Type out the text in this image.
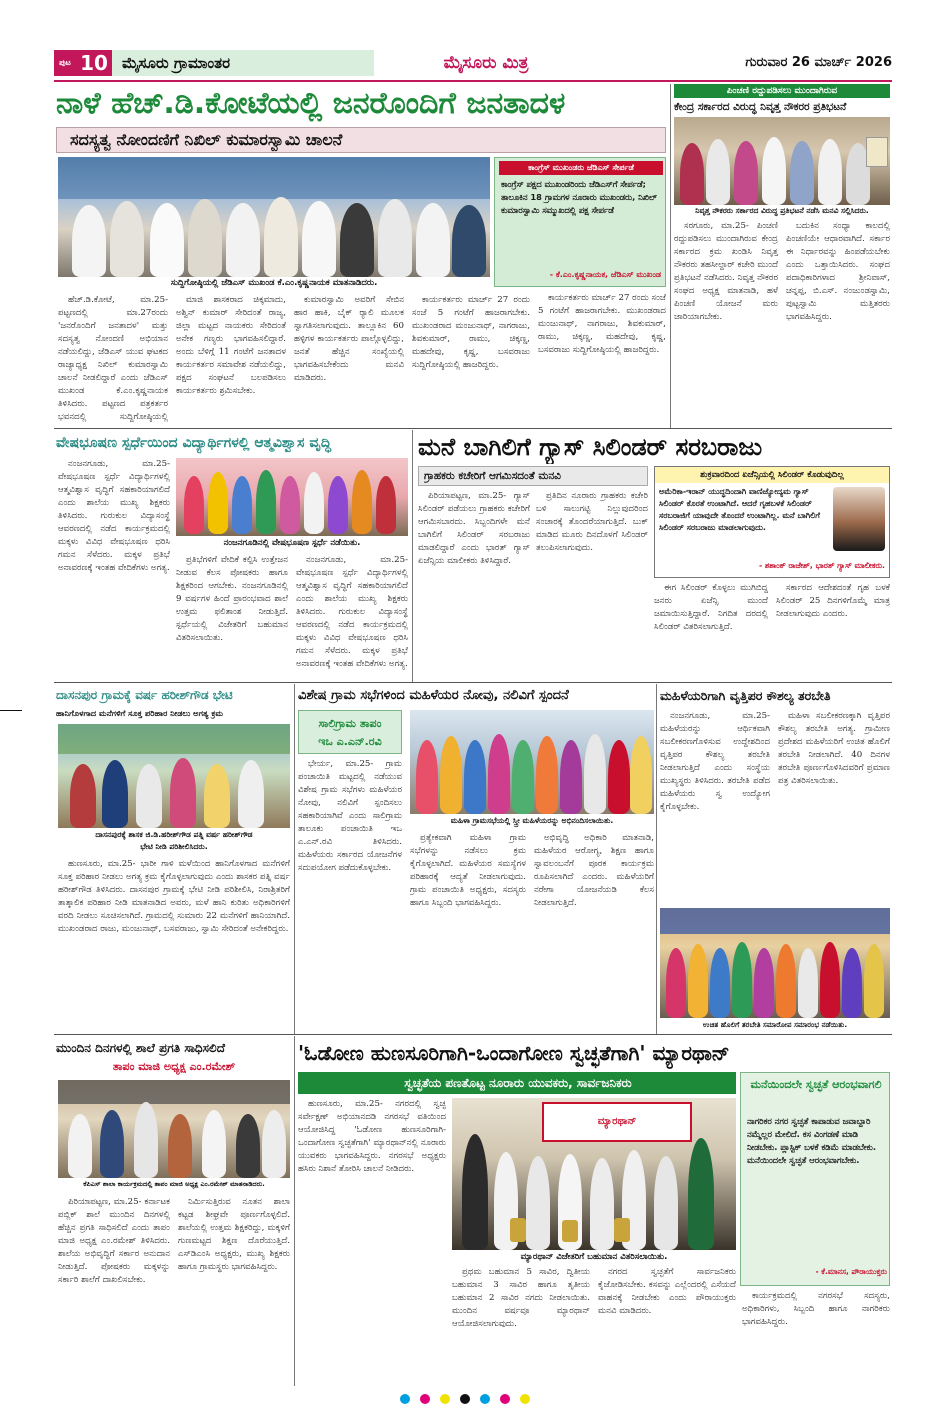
ಪುಟ 10 ಮೈಸೂರು ಗ್ರಾಮಾಂತರ	ಮೈಸೂರು ಮಿತ್ರ	ಗುರುವಾರ 26 ಮಾರ್ಚ್ 2026
ನಾಳೆ ಹೆಚ್.ಡಿ.ಕೋಟೆಯಲ್ಲಿ ಜನರೊಂದಿಗೆ ಜನತಾದಳ
ಸದಸ್ಯತ್ವ ನೋಂದಣಿಗೆ ನಿಖಿಲ್ ಕುಮಾರಸ್ವಾಮಿ ಚಾಲನೆ
ಸುದ್ದಿಗೋಷ್ಠಿಯಲ್ಲಿ ಜೆಡಿಎಸ್ ಮುಖಂಡ ಕೆ.ಎಂ.ಕೃಷ್ಣನಾಯಕ ಮಾತನಾಡಿದರು.
ಕಾಂಗ್ರೆಸ್ ಮುಖಂಡರು ಜೆಡಿಎಸ್ ಸೇರ್ಪಡೆ
ಕಾಂಗ್ರೆಸ್ ಪಕ್ಷದ ಮುಖಂಡರಿಂದು ಜೆಡಿಎಸ್‌ಗೆ ಸೇರ್ಪಡೆ; ತಾಲೂಕಿನ 18 ಗ್ರಾಮಗಳ ನೂರಾರು ಮುಖಂಡರು, ನಿಖಿಲ್ ಕುಮಾರಸ್ವಾಮಿ ಸಮ್ಮುಖದಲ್ಲಿ ಪಕ್ಷ ಸೇರ್ಪಡೆ
- ಕೆ.ಎಂ.ಕೃಷ್ಣನಾಯಕ, ಜೆಡಿಎಸ್ ಮುಖಂಡ

ಹೆಚ್.ಡಿ.ಕೋಟೆ, ಮಾ.25- ಪಟ್ಟಣದಲ್ಲಿ ಮಾ.27ರಂದು 'ಜನರೊಂದಿಗೆ ಜನತಾದಳ' ಮತ್ತು ಸದಸ್ಯತ್ವ ನೋಂದಣಿ ಅಭಿಯಾನ ನಡೆಯಲಿದ್ದು, ಜೆಡಿಎಸ್ ಯುವ ಘಟಕದ ರಾಜ್ಯಾಧ್ಯಕ್ಷ ನಿಖಿಲ್ ಕುಮಾರಸ್ವಾಮಿ ಚಾಲನೆ ನೀಡಲಿದ್ದಾರೆ ಎಂದು ಜೆಡಿಎಸ್ ಮುಖಂಡ ಕೆ.ಎಂ.ಕೃಷ್ಣನಾಯಕ ತಿಳಿಸಿದರು. ಪಟ್ಟಣದ ಪತ್ರಕರ್ತರ ಭವನದಲ್ಲಿ ಸುದ್ದಿಗೋಷ್ಠಿಯಲ್ಲಿ

ಮಾಜಿ ಶಾಸಕರಾದ ಚಿಕ್ಕಮಾದು, ಅಶ್ವಿನ್ ಕುಮಾರ್ ಸೇರಿದಂತೆ ರಾಜ್ಯ, ಜಿಲ್ಲಾ ಮಟ್ಟದ ನಾಯಕರು ಸೇರಿದಂತೆ ಅನೇಕ ಗಣ್ಯರು ಭಾಗವಹಿಸಲಿದ್ದಾರೆ. ಅಂದು ಬೆಳಿಗ್ಗೆ 11 ಗಂಟೆಗೆ ಜನತಾದಳ ಕಾರ್ಯಕರ್ತರ ಸಮಾವೇಶ ನಡೆಯಲಿದ್ದು, ಪಕ್ಷದ ಸಂಘಟನೆ ಬಲಪಡಿಸಲು ಕಾರ್ಯಕರ್ತರು ಶ್ರಮಿಸಬೇಕು.

ಕುಮಾರಸ್ವಾಮಿ ಅವರಿಗೆ ಸೇಬಿನ ಹಾರ ಹಾಕಿ, ಬೈಕ್ ರ್‍ಯಾಲಿ ಮೂಲಕ ಸ್ವಾಗತಿಸಲಾಗುವುದು. ತಾಲ್ಲೂಕಿನ 60 ಹಳ್ಳಿಗಳ ಕಾರ್ಯಕರ್ತರು ಪಾಲ್ಗೊಳ್ಳಲಿದ್ದು, ಜನತೆ ಹೆಚ್ಚಿನ ಸಂಖ್ಯೆಯಲ್ಲಿ ಭಾಗವಹಿಸಬೇಕೆಂದು ಮನವಿ ಮಾಡಿದರು.

ಕಾರ್ಯಕರ್ತರು ಮಾರ್ಚ್ 27 ರಂದು ಸಂಜೆ 5 ಗಂಟೆಗೆ ಹಾಜರಾಗಬೇಕು. ಮುಖಂಡರಾದ ಮಂಜುನಾಥ್, ನಾಗರಾಜು, ಶಿವಕುಮಾರ್, ರಾಮು, ಚಿಕ್ಕಣ್ಣ, ಮಹದೇವು, ಕೃಷ್ಣ, ಬಸವರಾಜು ಸುದ್ದಿಗೋಷ್ಠಿಯಲ್ಲಿ ಹಾಜರಿದ್ದರು.

ಕಾರ್ಯಕರ್ತರು ಮಾರ್ಚ್ 27 ರಂದು ಸಂಜೆ 5 ಗಂಟೆಗೆ ಹಾಜರಾಗಬೇಕು. ಮುಖಂಡರಾದ ಮಂಜುನಾಥ್, ನಾಗರಾಜು, ಶಿವಕುಮಾರ್, ರಾಮು, ಚಿಕ್ಕಣ್ಣ, ಮಹದೇವು, ಕೃಷ್ಣ, ಬಸವರಾಜು ಸುದ್ದಿಗೋಷ್ಠಿಯಲ್ಲಿ ಹಾಜರಿದ್ದರು.

ಪಿಂಚಣಿ ರದ್ದುಪಡಿಸಲು ಮುಂದಾಗಿರುವ
ಕೇಂದ್ರ ಸರ್ಕಾರದ ವಿರುದ್ಧ ನಿವೃತ್ತ ನೌಕರರ ಪ್ರತಿಭಟನೆ
ನಿವೃತ್ತ ನೌಕರರು ಸರ್ಕಾರದ ವಿರುದ್ಧ ಪ್ರತಿಭಟನೆ ನಡೆಸಿ ಮನವಿ ಸಲ್ಲಿಸಿದರು.

ಸರಗೂರು, ಮಾ.25- ಪಿಂಚಣಿ ರದ್ದುಪಡಿಸಲು ಮುಂದಾಗಿರುವ ಕೇಂದ್ರ ಸರ್ಕಾರದ ಕ್ರಮ ಖಂಡಿಸಿ ನಿವೃತ್ತ ನೌಕರರು ತಹಸೀಲ್ದಾರ್ ಕಚೇರಿ ಮುಂದೆ ಪ್ರತಿಭಟನೆ ನಡೆಸಿದರು. ನಿವೃತ್ತ ನೌಕರರ ಸಂಘದ ಅಧ್ಯಕ್ಷ ಮಾತನಾಡಿ, ಹಳೆ ಪಿಂಚಣಿ ಯೋಜನೆ ಮರು ಜಾರಿಯಾಗಬೇಕು.

ಬದುಕಿನ ಸಂಧ್ಯಾ ಕಾಲದಲ್ಲಿ ಪಿಂಚಣಿಯೇ ಆಧಾರವಾಗಿದೆ. ಸರ್ಕಾರ ಈ ನಿರ್ಧಾರವನ್ನು ಹಿಂಪಡೆಯಬೇಕು ಎಂದು ಒತ್ತಾಯಿಸಿದರು. ಸಂಘದ ಪದಾಧಿಕಾರಿಗಳಾದ ಶ್ರೀನಿವಾಸ್, ಚನ್ನಪ್ಪ, ಬಿ.ಎಸ್. ನಂಜುಂಡಸ್ವಾಮಿ, ಪುಟ್ಟಸ್ವಾಮಿ ಮತ್ತಿತರರು ಭಾಗವಹಿಸಿದ್ದರು.

ವೇಷಭೂಷಣ ಸ್ಪರ್ಧೆಯಿಂದ ವಿದ್ಯಾರ್ಥಿಗಳಲ್ಲಿ ಆತ್ಮವಿಶ್ವಾಸ ವೃದ್ಧಿ

ನಂಜನಗೂಡು, ಮಾ.25- ವೇಷಭೂಷಣ ಸ್ಪರ್ಧೆ ವಿದ್ಯಾರ್ಥಿಗಳಲ್ಲಿ ಆತ್ಮವಿಶ್ವಾಸ ವೃದ್ಧಿಗೆ ಸಹಕಾರಿಯಾಗಲಿದೆ ಎಂದು ಶಾಲೆಯ ಮುಖ್ಯ ಶಿಕ್ಷಕರು ತಿಳಿಸಿದರು. ಗುರುಕುಲ ವಿದ್ಯಾಸಂಸ್ಥೆ ಆವರಣದಲ್ಲಿ ನಡೆದ ಕಾರ್ಯಕ್ರಮದಲ್ಲಿ ಮಕ್ಕಳು ವಿವಿಧ ವೇಷಭೂಷಣ ಧರಿಸಿ ಗಮನ ಸೆಳೆದರು. ಮಕ್ಕಳ ಪ್ರತಿಭೆ ಅನಾವರಣಕ್ಕೆ ಇಂತಹ ವೇದಿಕೆಗಳು ಅಗತ್ಯ.

ನಂಜನಗೂಡಿನಲ್ಲಿ ವೇಷಭೂಷಣ ಸ್ಪರ್ಧೆ ನಡೆಯಿತು.

ಪ್ರತಿಭೆಗಳಿಗೆ ವೇದಿಕೆ ಕಲ್ಪಿಸಿ ಉತ್ತೇಜನ ನೀಡುವ ಕೆಲಸ ಪೋಷಕರು ಹಾಗೂ ಶಿಕ್ಷಕರಿಂದ ಆಗಬೇಕು. ನಂಜನಗೂಡಿನಲ್ಲಿ 9 ವರ್ಷಗಳ ಹಿಂದೆ ಪ್ರಾರಂಭವಾದ ಶಾಲೆ ಉತ್ತಮ ಫಲಿತಾಂಶ ನೀಡುತ್ತಿದೆ. ಸ್ಪರ್ಧೆಯಲ್ಲಿ ವಿಜೇತರಿಗೆ ಬಹುಮಾನ ವಿತರಿಸಲಾಯಿತು.

ನಂಜನಗೂಡು, ಮಾ.25- ವೇಷಭೂಷಣ ಸ್ಪರ್ಧೆ ವಿದ್ಯಾರ್ಥಿಗಳಲ್ಲಿ ಆತ್ಮವಿಶ್ವಾಸ ವೃದ್ಧಿಗೆ ಸಹಕಾರಿಯಾಗಲಿದೆ ಎಂದು ಶಾಲೆಯ ಮುಖ್ಯ ಶಿಕ್ಷಕರು ತಿಳಿಸಿದರು. ಗುರುಕುಲ ವಿದ್ಯಾಸಂಸ್ಥೆ ಆವರಣದಲ್ಲಿ ನಡೆದ ಕಾರ್ಯಕ್ರಮದಲ್ಲಿ ಮಕ್ಕಳು ವಿವಿಧ ವೇಷಭೂಷಣ ಧರಿಸಿ ಗಮನ ಸೆಳೆದರು. ಮಕ್ಕಳ ಪ್ರತಿಭೆ ಅನಾವರಣಕ್ಕೆ ಇಂತಹ ವೇದಿಕೆಗಳು ಅಗತ್ಯ.

ಮನೆ ಬಾಗಿಲಿಗೆ ಗ್ಯಾಸ್ ಸಿಲಿಂಡರ್ ಸರಬರಾಜು
ಗ್ರಾಹಕರು ಕಚೇರಿಗೆ ಆಗಮಿಸದಂತೆ ಮನವಿ

ಪಿರಿಯಾಪಟ್ಟಣ, ಮಾ.25- ಗ್ಯಾಸ್ ಸಿಲಿಂಡರ್ ಪಡೆಯಲು ಗ್ರಾಹಕರು ಕಚೇರಿಗೆ ಆಗಮಿಸಬಾರದು. ಸಿಬ್ಬಂದಿಗಳೇ ಮನೆ ಬಾಗಿಲಿಗೆ ಸಿಲಿಂಡರ್ ಸರಬರಾಜು ಮಾಡಲಿದ್ದಾರೆ ಎಂದು ಭಾರತ್ ಗ್ಯಾಸ್ ಏಜೆನ್ಸಿಯ ಮಾಲೀಕರು ತಿಳಿಸಿದ್ದಾರೆ.

ಪ್ರತಿದಿನ ನೂರಾರು ಗ್ರಾಹಕರು ಕಚೇರಿ ಬಳಿ ಸಾಲುಗಟ್ಟಿ ನಿಲ್ಲುವುದರಿಂದ ಸಂಚಾರಕ್ಕೆ ತೊಂದರೆಯಾಗುತ್ತಿದೆ. ಬುಕ್ ಮಾಡಿದ ಮೂರು ದಿನದೊಳಗೆ ಸಿಲಿಂಡರ್ ತಲುಪಿಸಲಾಗುವುದು.

ಶುಕ್ರವಾರದಿಂದ ಏಜೆನ್ಸಿಯಲ್ಲಿ ಸಿಲಿಂಡರ್ ಕೊಡುವುದಿಲ್ಲ
ಅಮೆರಿಕಾ-ಇರಾನ್ ಯುದ್ಧದಿಂದಾಗಿ ವಾಣಿಜ್ಯೋದ್ಯಮ ಗ್ಯಾಸ್ ಸಿಲಿಂಡರ್ ಕೊರತೆ ಉಂಟಾಗಿದೆ. ಆದರೆ ಗೃಹಬಳಕೆ ಸಿಲಿಂಡರ್ ಸರಬರಾಜಿಗೆ ಯಾವುದೇ ತೊಂದರೆ ಉಂಟಾಗಿಲ್ಲ. ಮನೆ ಬಾಗಿಲಿಗೆ ಸಿಲಿಂಡರ್ ಸರಬರಾಜು ಮಾಡಲಾಗುವುದು.
- ಶಶಾಂಕ್ ರಾಜೇಶ್, ಭಾರತ್ ಗ್ಯಾಸ್ ಮಾಲೀಕರು.

ಈಗ ಸಿಲಿಂಡರ್ ಕೊಳ್ಳಲು ಮುಗಿಬಿದ್ದ ಜನರು ಏಜೆನ್ಸಿ ಮುಂದೆ ಜಮಾಯಿಸುತ್ತಿದ್ದಾರೆ. ನಿಗದಿತ ದರದಲ್ಲಿ ಸಿಲಿಂಡರ್ ವಿತರಿಸಲಾಗುತ್ತಿದೆ.

ಸರ್ಕಾರದ ಆದೇಶದಂತೆ ಗೃಹ ಬಳಕೆ ಸಿಲಿಂಡರ್ 25 ದಿನಗಳಿಗೊಮ್ಮೆ ಮಾತ್ರ ನೀಡಲಾಗುವುದು ಎಂದರು.

ದಾಸನಪುರ ಗ್ರಾಮಕ್ಕೆ ವರ್ಷ ಹರೀಶ್‌ಗೌಡ ಭೇಟಿ
ಹಾನಿಗೊಳಗಾದ ಮನೆಗಳಿಗೆ ಸೂಕ್ತ ಪರಿಹಾರ ನೀಡಲು ಅಗತ್ಯ ಕ್ರಮ
ದಾಸನಪುರಕ್ಕೆ ಶಾಸಕ ಜಿ.ಡಿ.ಹರೀಶ್‌ಗೌಡ ಪತ್ನಿ ವರ್ಷ ಹರೀಶ್‌ಗೌಡ
ಭೇಟಿ ನೀಡಿ ಪರಿಶೀಲಿಸಿದರು.

ಹುಣಸೂರು, ಮಾ.25- ಭಾರೀ ಗಾಳಿ ಮಳೆಯಿಂದ ಹಾನಿಗೊಳಗಾದ ಮನೆಗಳಿಗೆ ಸೂಕ್ತ ಪರಿಹಾರ ನೀಡಲು ಅಗತ್ಯ ಕ್ರಮ ಕೈಗೊಳ್ಳಲಾಗುವುದು ಎಂದು ಶಾಸಕರ ಪತ್ನಿ ವರ್ಷ ಹರೀಶ್‌ಗೌಡ ತಿಳಿಸಿದರು. ದಾಸನಪುರ ಗ್ರಾಮಕ್ಕೆ ಭೇಟಿ ನೀಡಿ ಪರಿಶೀಲಿಸಿ, ನಿರಾಶ್ರಿತರಿಗೆ ತಾತ್ಕಾಲಿಕ ಪರಿಹಾರ ನೀಡಿ ಮಾತನಾಡಿದ ಅವರು, ಮಳೆ ಹಾನಿ ಕುರಿತು ಅಧಿಕಾರಿಗಳಿಗೆ ವರದಿ ನೀಡಲು ಸೂಚಿಸಲಾಗಿದೆ. ಗ್ರಾಮದಲ್ಲಿ ಸುಮಾರು 22 ಮನೆಗಳಿಗೆ ಹಾನಿಯಾಗಿದೆ. ಮುಖಂಡರಾದ ರಾಜು, ಮಂಜುನಾಥ್, ಬಸವರಾಜು, ಸ್ವಾಮಿ ಸೇರಿದಂತೆ ಅನೇಕರಿದ್ದರು.

ವಿಶೇಷ ಗ್ರಾಮ ಸಭೆಗಳಿಂದ ಮಹಿಳೆಯರ ನೋವು, ನಲಿವಿಗೆ ಸ್ಪಂದನೆ
ಸಾಲಿಗ್ರಾಮ ತಾಪಂ
ಇಒ ಎ.ಎನ್.ರವಿ

ಭೇರ್ಯ, ಮಾ.25- ಗ್ರಾಮ ಪಂಚಾಯಿತಿ ಮಟ್ಟದಲ್ಲಿ ನಡೆಯುವ ವಿಶೇಷ ಗ್ರಾಮ ಸಭೆಗಳು ಮಹಿಳೆಯರ ನೋವು, ನಲಿವಿಗೆ ಸ್ಪಂದಿಸಲು ಸಹಕಾರಿಯಾಗಿವೆ ಎಂದು ಸಾಲಿಗ್ರಾಮ ತಾಲೂಕು ಪಂಚಾಯಿತಿ ಇಒ ಎ.ಎನ್.ರವಿ ತಿಳಿಸಿದರು. ಮಹಿಳೆಯರು ಸರ್ಕಾರದ ಯೋಜನೆಗಳ ಸದುಪಯೋಗ ಪಡೆದುಕೊಳ್ಳಬೇಕು.

ಮಹಿಳಾ ಗ್ರಾಮಸಭೆಯಲ್ಲಿ ಸ್ತ್ರೀ ಮಹಿಳೆಯರನ್ನು ಅಭಿನಂದಿಸಲಾಯಿತು.

ಪ್ರತ್ಯೇಕವಾಗಿ ಮಹಿಳಾ ಗ್ರಾಮ ಸಭೆಗಳನ್ನು ನಡೆಸಲು ಕ್ರಮ ಕೈಗೊಳ್ಳಲಾಗಿದೆ. ಮಹಿಳೆಯರ ಸಮಸ್ಯೆಗಳ ಪರಿಹಾರಕ್ಕೆ ಆದ್ಯತೆ ನೀಡಲಾಗುವುದು. ಗ್ರಾಮ ಪಂಚಾಯಿತಿ ಅಧ್ಯಕ್ಷರು, ಸದಸ್ಯರು ಹಾಗೂ ಸಿಬ್ಬಂದಿ ಭಾಗವಹಿಸಿದ್ದರು.

ಅಭಿವೃದ್ಧಿ ಅಧಿಕಾರಿ ಮಾತನಾಡಿ, ಮಹಿಳೆಯರ ಆರೋಗ್ಯ, ಶಿಕ್ಷಣ ಹಾಗೂ ಸ್ವಾವಲಂಬನೆಗೆ ಪೂರಕ ಕಾರ್ಯಕ್ರಮ ರೂಪಿಸಲಾಗಿದೆ ಎಂದರು. ಮಹಿಳೆಯರಿಗೆ ನರೇಗಾ ಯೋಜನೆಯಡಿ ಕೆಲಸ ನೀಡಲಾಗುತ್ತಿದೆ.

ಮಹಿಳೆಯರಿಗಾಗಿ ವೃತ್ತಿಪರ ಕೌಶಲ್ಯ ತರಬೇತಿ

ನಂಜನಗೂಡು, ಮಾ.25- ಮಹಿಳೆಯರನ್ನು ಆರ್ಥಿಕವಾಗಿ ಸಬಲೀಕರಣಗೊಳಿಸುವ ಉದ್ದೇಶದಿಂದ ವೃತ್ತಿಪರ ಕೌಶಲ್ಯ ತರಬೇತಿ ನೀಡಲಾಗುತ್ತಿದೆ ಎಂದು ಸಂಸ್ಥೆಯ ಮುಖ್ಯಸ್ಥರು ತಿಳಿಸಿದರು. ತರಬೇತಿ ಪಡೆದ ಮಹಿಳೆಯರು ಸ್ವ ಉದ್ಯೋಗ ಕೈಗೊಳ್ಳಬೇಕು.

ಮಹಿಳಾ ಸಬಲೀಕರಣಕ್ಕಾಗಿ ವೃತ್ತಿಪರ ಕೌಶಲ್ಯ ತರಬೇತಿ ಅಗತ್ಯ. ಗ್ರಾಮೀಣ ಪ್ರದೇಶದ ಮಹಿಳೆಯರಿಗೆ ಉಚಿತ ಹೊಲಿಗೆ ತರಬೇತಿ ನೀಡಲಾಗಿದೆ. 40 ದಿನಗಳ ತರಬೇತಿ ಪೂರ್ಣಗೊಳಿಸಿದವರಿಗೆ ಪ್ರಮಾಣ ಪತ್ರ ವಿತರಿಸಲಾಯಿತು.

ಉಚಿತ ಹೊಲಿಗೆ ತರಬೇತಿ ಸಮಾರೋಪ ಸಮಾರಂಭ ನಡೆಯಿತು.
ಮುಂದಿನ ದಿನಗಳಲ್ಲಿ ಶಾಲೆ ಪ್ರಗತಿ ಸಾಧಿಸಲಿದೆ
ತಾಪಂ ಮಾಜಿ ಅಧ್ಯಕ್ಷ ಎಂ.ರಮೇಶ್
ಕೆಪಿಎಸ್ ಶಾಲಾ ಕಾರ್ಯಕ್ರಮದಲ್ಲಿ ತಾಪಂ ಮಾಜಿ ಅಧ್ಯಕ್ಷ ಎಂ.ರಮೇಶ್ ಮಾತನಾಡಿದರು.

ಪಿರಿಯಾಪಟ್ಟಣ, ಮಾ.25- ಕರ್ನಾಟಕ ಪಬ್ಲಿಕ್ ಶಾಲೆ ಮುಂದಿನ ದಿನಗಳಲ್ಲಿ ಹೆಚ್ಚಿನ ಪ್ರಗತಿ ಸಾಧಿಸಲಿದೆ ಎಂದು ತಾಪಂ ಮಾಜಿ ಅಧ್ಯಕ್ಷ ಎಂ.ರಮೇಶ್ ತಿಳಿಸಿದರು. ಶಾಲೆಯ ಅಭಿವೃದ್ಧಿಗೆ ಸರ್ಕಾರ ಅನುದಾನ ನೀಡುತ್ತಿದೆ. ಪೋಷಕರು ಮಕ್ಕಳನ್ನು ಸರ್ಕಾರಿ ಶಾಲೆಗೆ ದಾಖಲಿಸಬೇಕು.

ನಿರ್ಮಿಸುತ್ತಿರುವ ನೂತನ ಶಾಲಾ ಕಟ್ಟಡ ಶೀಘ್ರವೇ ಪೂರ್ಣಗೊಳ್ಳಲಿದೆ. ಶಾಲೆಯಲ್ಲಿ ಉತ್ತಮ ಶಿಕ್ಷಕರಿದ್ದು, ಮಕ್ಕಳಿಗೆ ಗುಣಮಟ್ಟದ ಶಿಕ್ಷಣ ದೊರೆಯುತ್ತಿದೆ. ಎಸ್‌ಡಿಎಂಸಿ ಅಧ್ಯಕ್ಷರು, ಮುಖ್ಯ ಶಿಕ್ಷಕರು ಹಾಗೂ ಗ್ರಾಮಸ್ಥರು ಭಾಗವಹಿಸಿದ್ದರು.

'ಓಡೋಣ ಹುಣಸೂರಿಗಾಗಿ-ಒಂದಾಗೋಣ ಸ್ವಚ್ಛತೆಗಾಗಿ' ಮ್ಯಾರಥಾನ್
ಸ್ವಚ್ಛತೆಯ ಪಣತೊಟ್ಟ ನೂರಾರು ಯುವಕರು, ಸಾರ್ವಜನಿಕರು

ಹುಣಸೂರು, ಮಾ.25- ನಗರದಲ್ಲಿ ಸ್ವಚ್ಛ ಸರ್ವೇಕ್ಷಣ್ ಅಭಿಯಾನದಡಿ ನಗರಸಭೆ ವತಿಯಿಂದ ಆಯೋಜಿಸಿದ್ದ 'ಓಡೋಣ ಹುಣಸೂರಿಗಾಗಿ-ಒಂದಾಗೋಣ ಸ್ವಚ್ಛತೆಗಾಗಿ' ಮ್ಯಾರಥಾನ್‌ನಲ್ಲಿ ನೂರಾರು ಯುವಕರು ಭಾಗವಹಿಸಿದ್ದರು. ನಗರಸಭೆ ಅಧ್ಯಕ್ಷರು ಹಸಿರು ನಿಶಾನೆ ತೋರಿಸಿ ಚಾಲನೆ ನೀಡಿದರು.

ಮ್ಯಾರಥಾನ್
ಮ್ಯಾರಥಾನ್ ವಿಜೇತರಿಗೆ ಬಹುಮಾನ ವಿತರಿಸಲಾಯಿತು.

ಪ್ರಥಮ ಬಹುಮಾನ 5 ಸಾವಿರ, ದ್ವಿತೀಯ ಬಹುಮಾನ 3 ಸಾವಿರ ಹಾಗೂ ತೃತೀಯ ಬಹುಮಾನ 2 ಸಾವಿರ ನಗದು ನೀಡಲಾಯಿತು. ಮುಂದಿನ ವರ್ಷವೂ ಮ್ಯಾರಥಾನ್ ಆಯೋಜಿಸಲಾಗುವುದು.

ನಗರದ ಸ್ವಚ್ಛತೆಗೆ ಸಾರ್ವಜನಿಕರು ಕೈಜೋಡಿಸಬೇಕು. ಕಸವನ್ನು ಎಲ್ಲೆಂದರಲ್ಲಿ ಎಸೆಯದೆ ವಾಹನಕ್ಕೆ ನೀಡಬೇಕು ಎಂದು ಪೌರಾಯುಕ್ತರು ಮನವಿ ಮಾಡಿದರು.

ಮನೆಯಿಂದಲೇ ಸ್ವಚ್ಛತೆ ಆರಂಭವಾಗಲಿ
ನಾಗರಿಕರ ನಗರ ಸ್ವಚ್ಛತೆ ಕಾಪಾಡುವ ಜವಾಬ್ದಾರಿ ನಮ್ಮೆಲ್ಲರ ಮೇಲಿದೆ. ಕಸ ವಿಂಗಡಣೆ ಮಾಡಿ ನೀಡಬೇಕು. ಪ್ಲಾಸ್ಟಿಕ್ ಬಳಕೆ ಕಡಿಮೆ ಮಾಡಬೇಕು. ಮನೆಯಿಂದಲೇ ಸ್ವಚ್ಛತೆ ಆರಂಭವಾಗಬೇಕು.
- ಕೆ.ಮಾನಸ, ಪೌರಾಯುಕ್ತರು

ಕಾರ್ಯಕ್ರಮದಲ್ಲಿ ನಗರಸಭೆ ಸದಸ್ಯರು, ಅಧಿಕಾರಿಗಳು, ಸಿಬ್ಬಂದಿ ಹಾಗೂ ನಾಗರಿಕರು ಭಾಗವಹಿಸಿದ್ದರು.
